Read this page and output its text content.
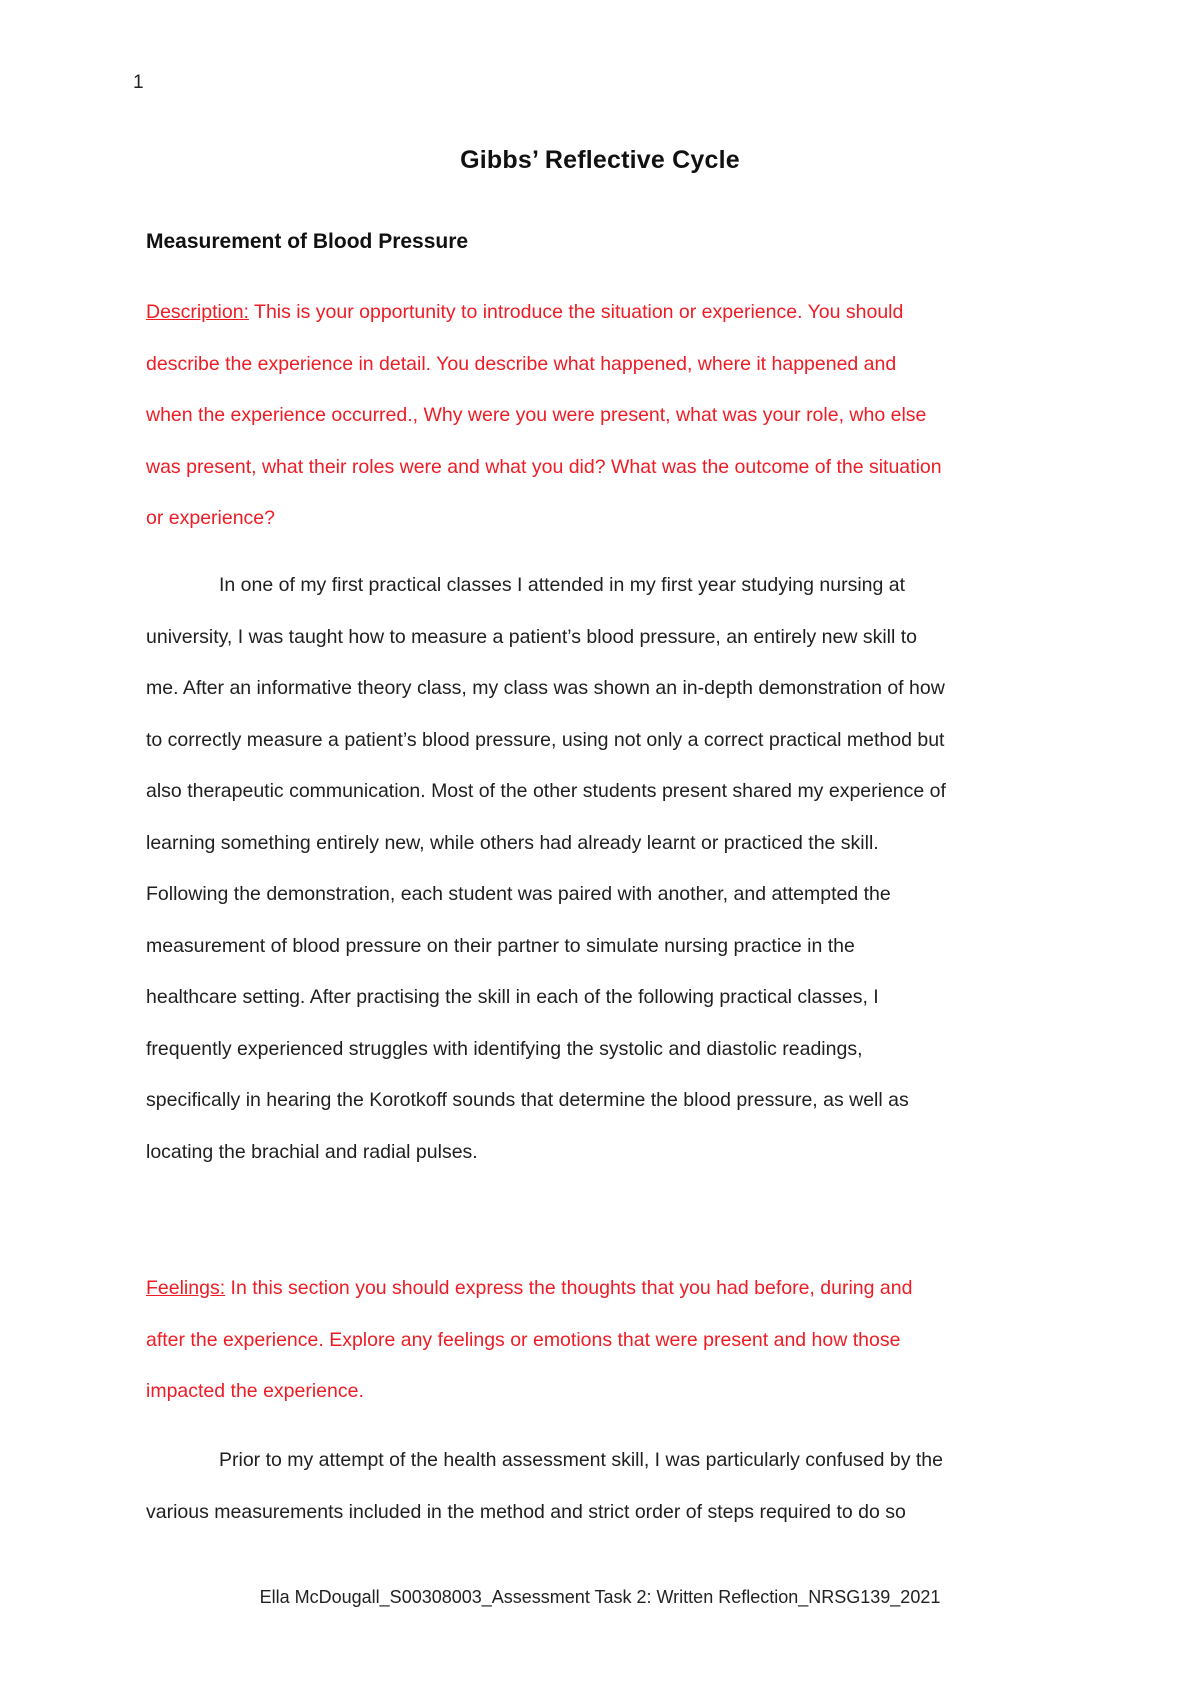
1
Gibbs’ Reflective Cycle
Measurement of Blood Pressure
Description: This is your opportunity to introduce the situation or experience. You should
describe the experience in detail. You describe what happened, where it happened and
when the experience occurred., Why were you were present, what was your role, who else
was present, what their roles were and what you did? What was the outcome of the situation
or experience?
In one of my first practical classes I attended in my first year studying nursing at
university, I was taught how to measure a patient’s blood pressure, an entirely new skill to
me. After an informative theory class, my class was shown an in-depth demonstration of how
to correctly measure a patient’s blood pressure, using not only a correct practical method but
also therapeutic communication. Most of the other students present shared my experience of
learning something entirely new, while others had already learnt or practiced the skill.
Following the demonstration, each student was paired with another, and attempted the
measurement of blood pressure on their partner to simulate nursing practice in the
healthcare setting. After practising the skill in each of the following practical classes, I
frequently experienced struggles with identifying the systolic and diastolic readings,
specifically in hearing the Korotkoff sounds that determine the blood pressure, as well as
locating the brachial and radial pulses.
Feelings: In this section you should express the thoughts that you had before, during and
after the experience. Explore any feelings or emotions that were present and how those
impacted the experience.
Prior to my attempt of the health assessment skill, I was particularly confused by the
various measurements included in the method and strict order of steps required to do so
Ella McDougall_S00308003_Assessment Task 2: Written Reflection_NRSG139_2021
